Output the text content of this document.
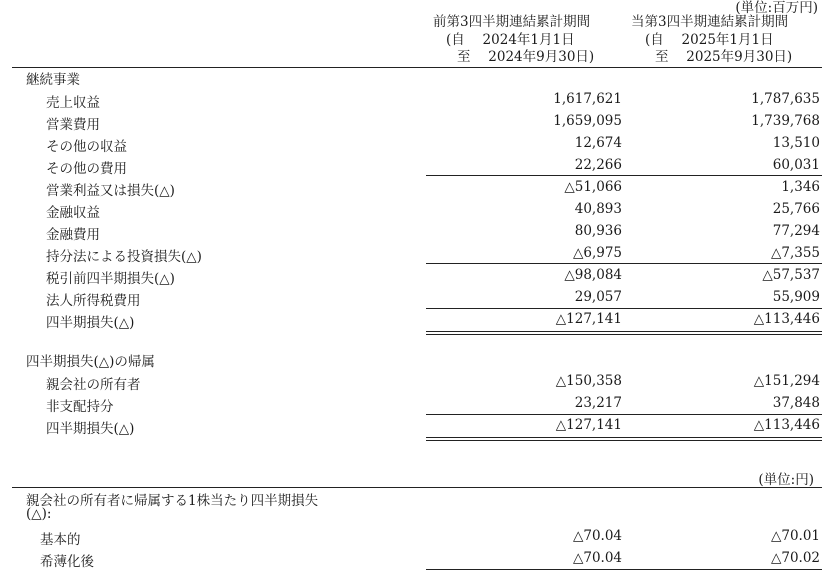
(単位:百万円)
前第3四半期連結累計期間
(自　 2024年1月1日
至　 2024年9月30日)
当第3四半期連結累計期間
(自　 2025年1月1日
至　 2025年9月30日)
継続事業
売上収益	1,617,621	1,787,635
営業費用	1,659,095	1,739,768
その他の収益	12,674	13,510
その他の費用	22,266	60,031
営業利益又は損失(△)	△51,066	1,346
金融収益	40,893	25,766
金融費用	80,936	77,294
持分法による投資損失(△)	△6,975	△7,355
税引前四半期損失(△)	△98,084	△57,537
法人所得税費用	29,057	55,909
四半期損失(△)	△127,141	△113,446
四半期損失(△)の帰属
親会社の所有者	△150,358	△151,294
非支配持分	23,217	37,848
四半期損失(△)	△127,141	△113,446
(単位:円)
親会社の所有者に帰属する1株当たり四半期損失
(△):
基本的	△70.04	△70.01
希薄化後	△70.04	△70.02
